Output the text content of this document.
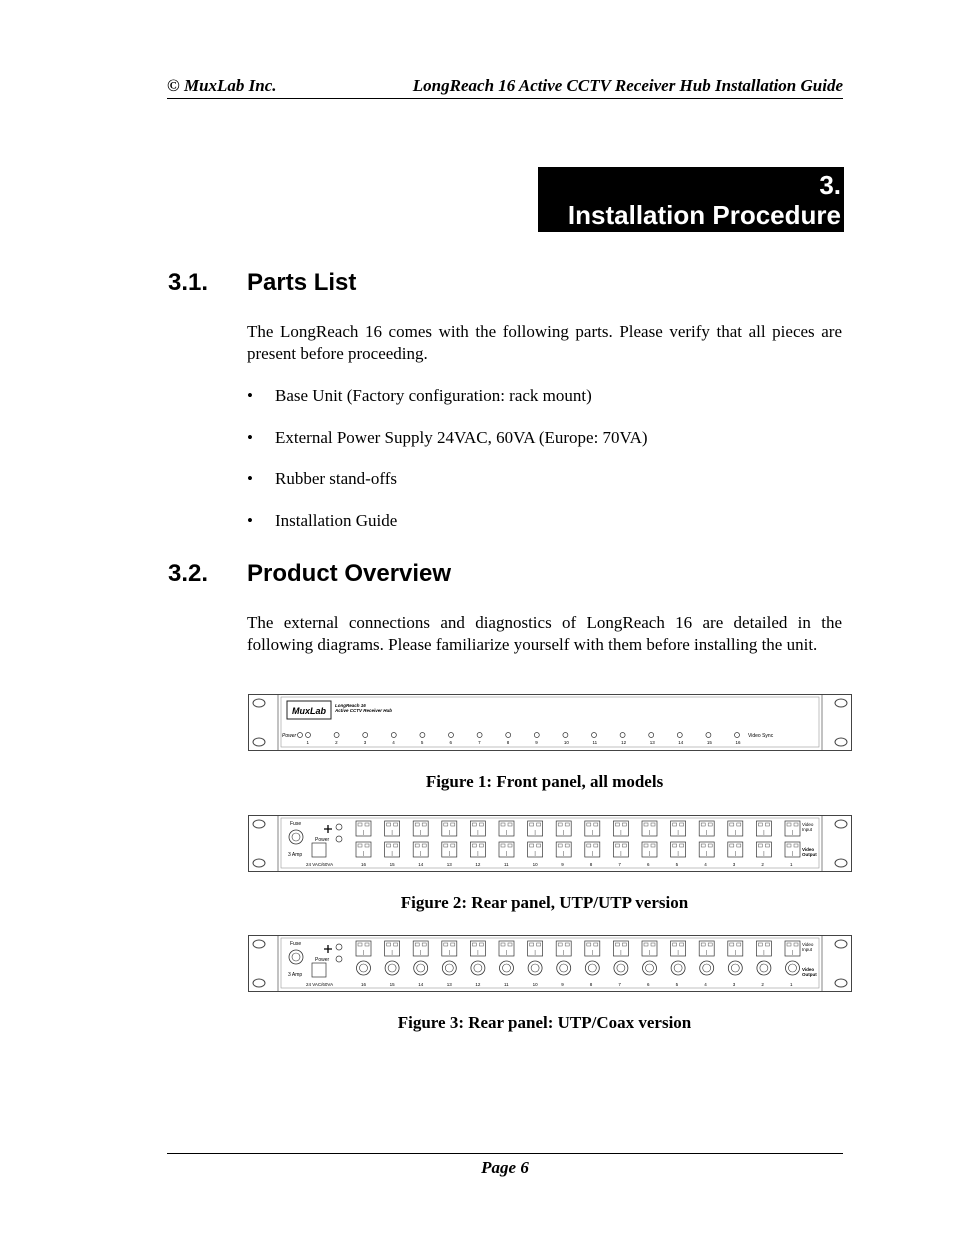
© MuxLab Inc.	LongReach 16 Active CCTV Receiver Hub Installation Guide
3.
Installation Procedure
3.1. Parts List
The LongReach 16 comes with the following parts. Please verify that all pieces are present before proceeding.
• Base Unit (Factory configuration: rack mount)
• External Power Supply 24VAC, 60VA (Europe: 70VA)
• Rubber stand-offs
• Installation Guide
3.2. Product Overview
The external connections and diagnostics of LongReach 16 are detailed in the following diagrams. Please familiarize yourself with them before installing the unit.
MuxLab
LongReach 16
Active CCTV Receiver Hub
Power	Video Sync
1	2	3	4	5	6	7	8	9	10	11	12	13	14	15	16
Figure 1: Front panel, all models
Fuse
3 Amp
Power
24 VAC/60VA
Video
Input
Video
Output
16	15	14	13	12	11	10	9	8	7	6	5	4	3	2	1
Figure 2: Rear panel, UTP/UTP version
Fuse
3 Amp
Power
24 VAC/60VA
Video
Input
Video
Output
16	15	14	13	12	11	10	9	8	7	6	5	4	3	2	1
Figure 3: Rear panel: UTP/Coax version
Page 6
